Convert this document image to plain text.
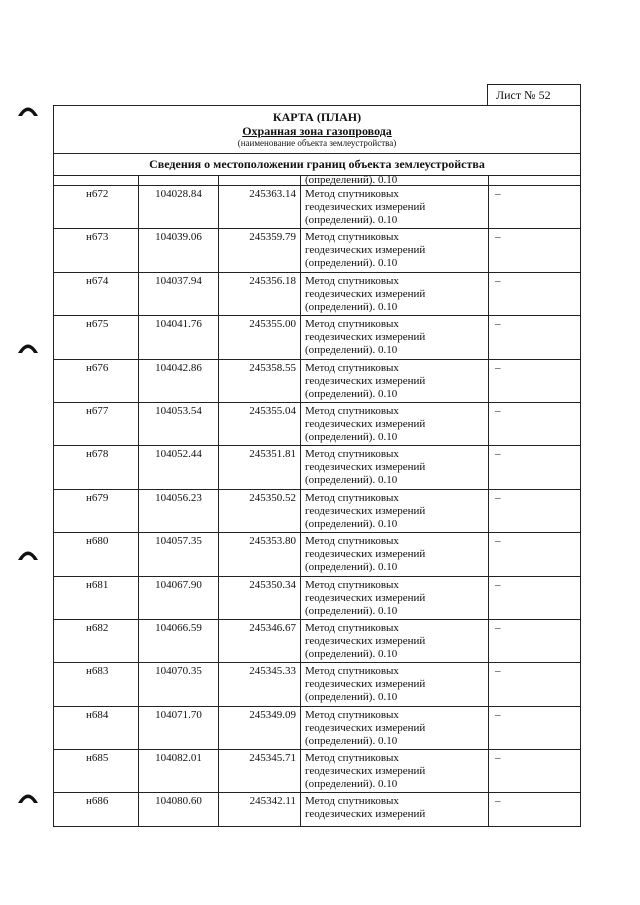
Лист № 52
КАРТА (ПЛАН)
Охранная зона газопровода
(наименование объекта землеустройства)
Сведения о местоположении границ объекта землеустройства
(определений). 0.10
н672	104028.84	245363.14 Метод спутниковых
геодезических измерений
(определений). 0.10
–
н673	104039.06	245359.79 Метод спутниковых
геодезических измерений
(определений). 0.10
–
н674	104037.94	245356.18 Метод спутниковых
геодезических измерений
(определений). 0.10
–
н675	104041.76	245355.00 Метод спутниковых
геодезических измерений
(определений). 0.10
–
н676	104042.86	245358.55 Метод спутниковых
геодезических измерений
(определений). 0.10
–
н677	104053.54	245355.04 Метод спутниковых
геодезических измерений
(определений). 0.10
–
н678	104052.44	245351.81 Метод спутниковых
геодезических измерений
(определений). 0.10
–
н679	104056.23	245350.52 Метод спутниковых
геодезических измерений
(определений). 0.10
–
н680	104057.35	245353.80 Метод спутниковых
геодезических измерений
(определений). 0.10
–
н681	104067.90	245350.34 Метод спутниковых
геодезических измерений
(определений). 0.10
–
н682	104066.59	245346.67 Метод спутниковых
геодезических измерений
(определений). 0.10
–
н683	104070.35	245345.33 Метод спутниковых
геодезических измерений
(определений). 0.10
–
н684	104071.70	245349.09 Метод спутниковых
геодезических измерений
(определений). 0.10
–
н685	104082.01	245345.71 Метод спутниковых
геодезических измерений
(определений). 0.10
–
н686	104080.60	245342.11 Метод спутниковых
геодезических измерений
–
